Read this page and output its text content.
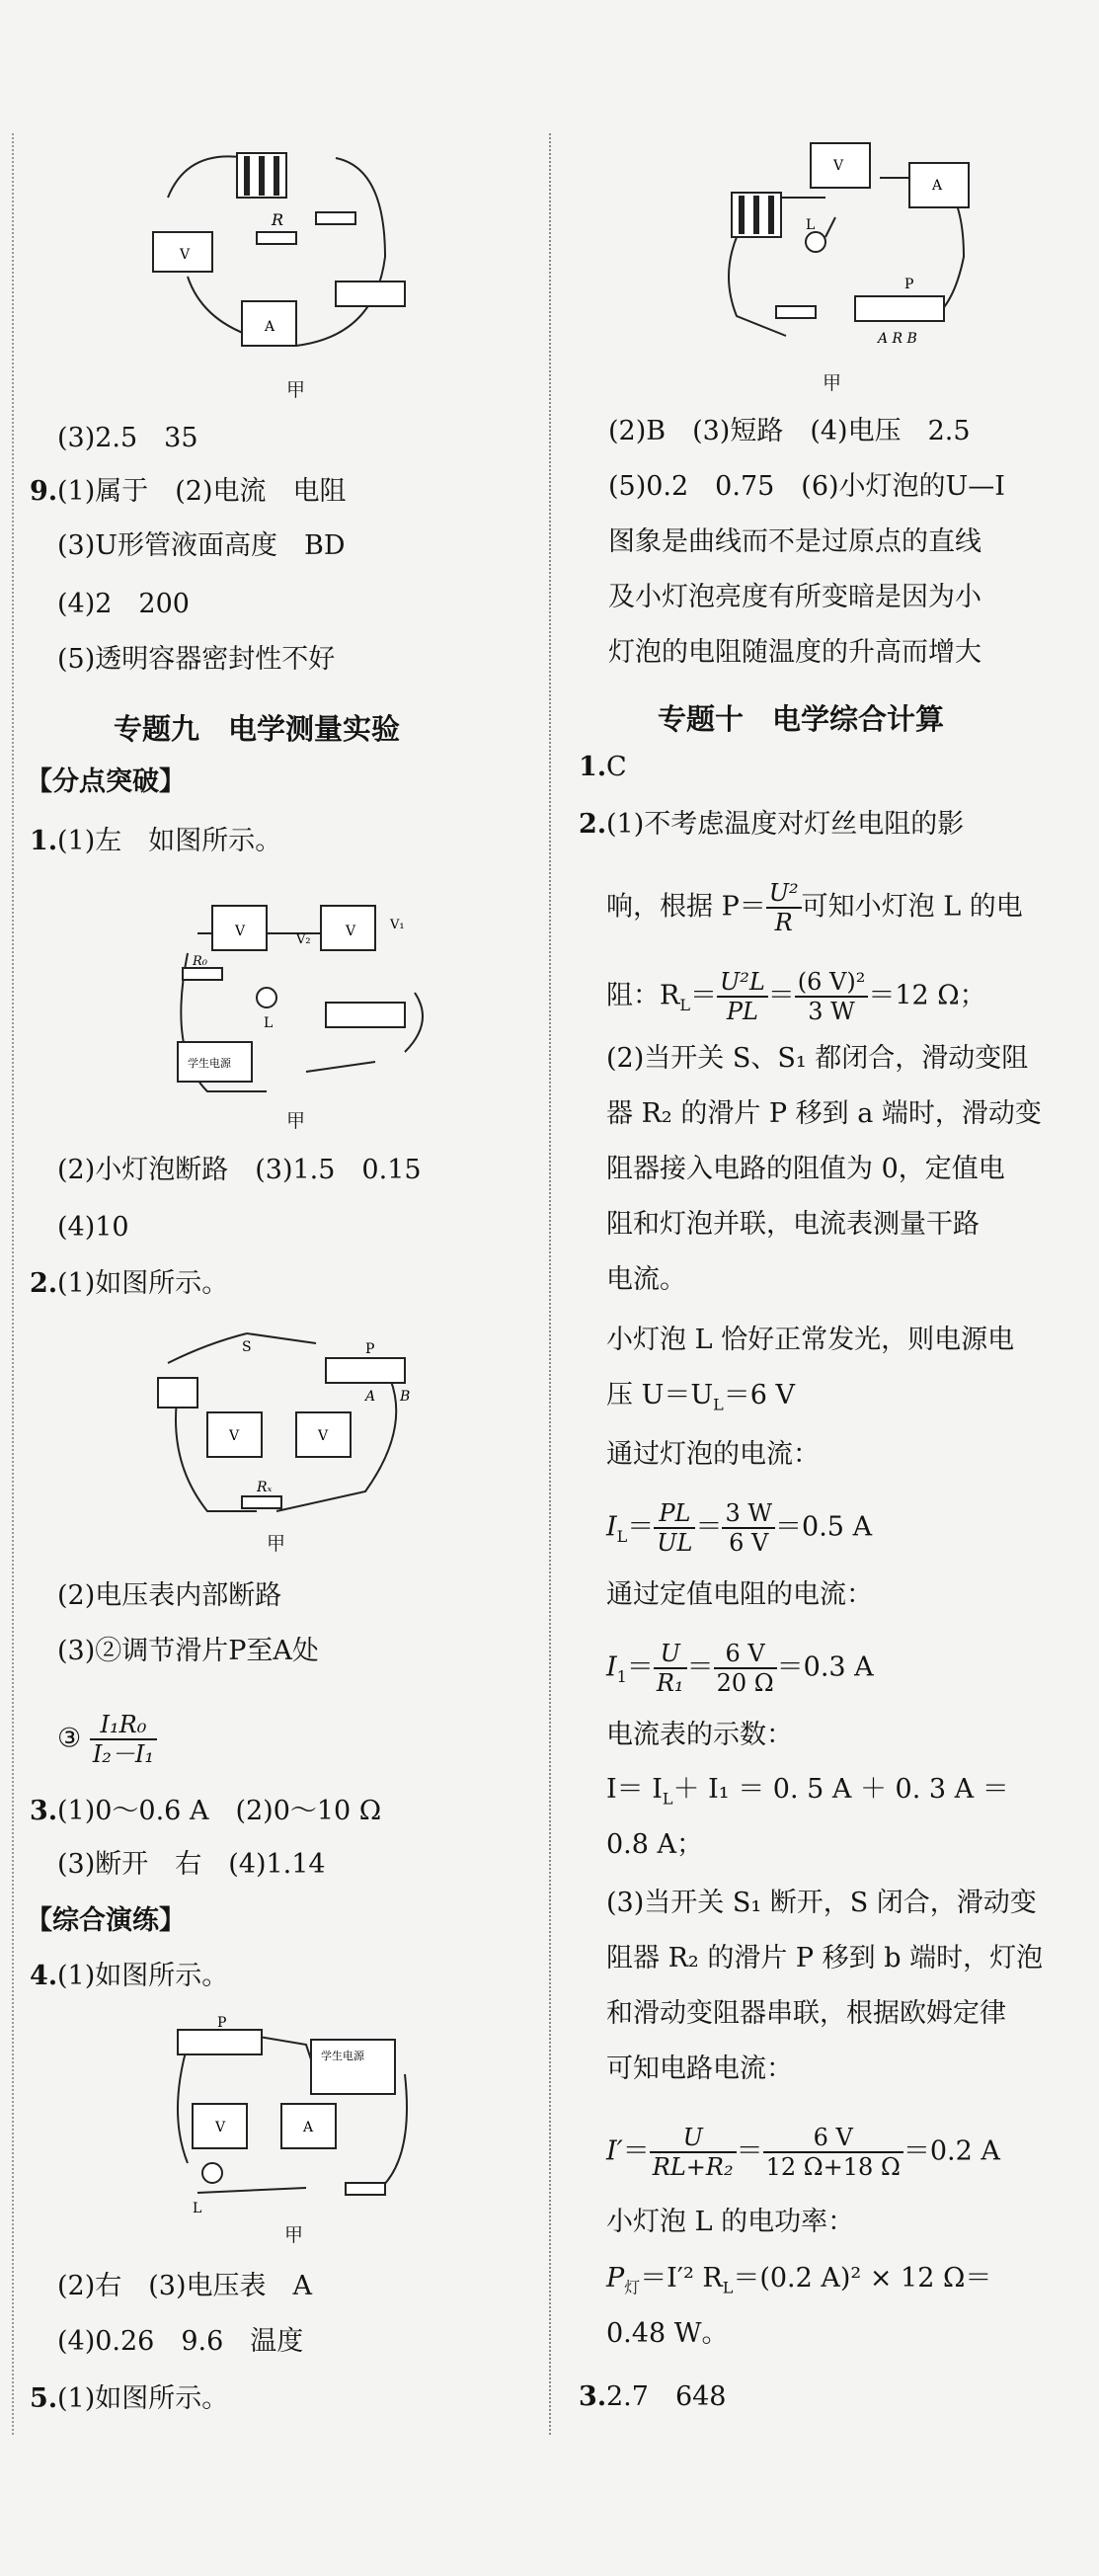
V
A
R
甲
(3)2.5　35
9. (1)属于　(2)电流　电阻
(3)U形管液面高度　BD
(4)2　200
(5)透明容器密封性不好
专题九　电学测量实验
【分点突破】
1. (1)左　如图所示。
V
V₂
V	V₁
R₀
L
学生电源
甲
(2)小灯泡断路　(3)1.5　0.15
(4)10
2. (1)如图所示。
S	P
A B
V	V
Rₓ
甲
(2)电压表内部断路
(3)②调节滑片P至A处
③ $\frac{\text{I₁R₀}}{\text{I₂－I₁}}$
3. (1)0～0.6 A　(2)0～10 Ω
(3)断开　右　(4)1.14
【综合演练】
4. (1)如图所示。
P
学生电源
V	A
L
甲
(2)右　(3)电压表　A
(4)0.26　9.6　温度
5. (1)如图所示。
V
A
L
P
A R B
甲
(2)B　(3)短路　(4)电压　2.5
(5)0.2　0.75　(6)小灯泡的U—I
图象是曲线而不是过原点的直线
及小灯泡亮度有所变暗是因为小
灯泡的电阻随温度的升高而增大
专题十　电学综合计算
1. C
2. (1)不考虑温度对灯丝电阻的影
响，根据 $P= \frac{\text{U²}}{R}$ 可知小灯泡 L 的电
阻：$R_L= \frac{\text{U²L}}{PL} = \frac{\text{(6 V)²}}{3 W} =12$ Ω；
(2)当开关 S、S₁ 都闭合，滑动变阻
器 R₂ 的滑片 P 移到 a 端时，滑动变
阻器接入电路的阻值为 0，定值电
阻和灯泡并联，电流表测量干路
电流。
小灯泡 L 恰好正常发光，则电源电
压 $U=U_L=6$ V
通过灯泡的电流：
$I_L= \frac{PL}{UL} = \frac{3 W}{6 V} =0.5$ A
通过定值电阻的电流：
$I_1= \frac{U}{\text{R₁}} = \frac{6 V}{20 \Omega} =0.3$ A
电流表的示数：
$I= I_L+ I_1 = 0$. 5 A ＋ 0. 3 A ＝
0.8 A；
(3)当开关 S₁ 断开，S 闭合，滑动变
阻器 R₂ 的滑片 P 移到 b 端时，灯泡
和滑动变阻器串联，根据欧姆定律
可知电路电流：
$I'= \frac{U}{\text{RL+R₂}} = \frac{6 V}{12 \Omega+18 \Omega} =0.2$ A
小灯泡 L 的电功率：
$P_灯=I'^2$ $R_L=(0.2$ A)² × 12 Ω＝
0.48 W。
3. 2.7　648
